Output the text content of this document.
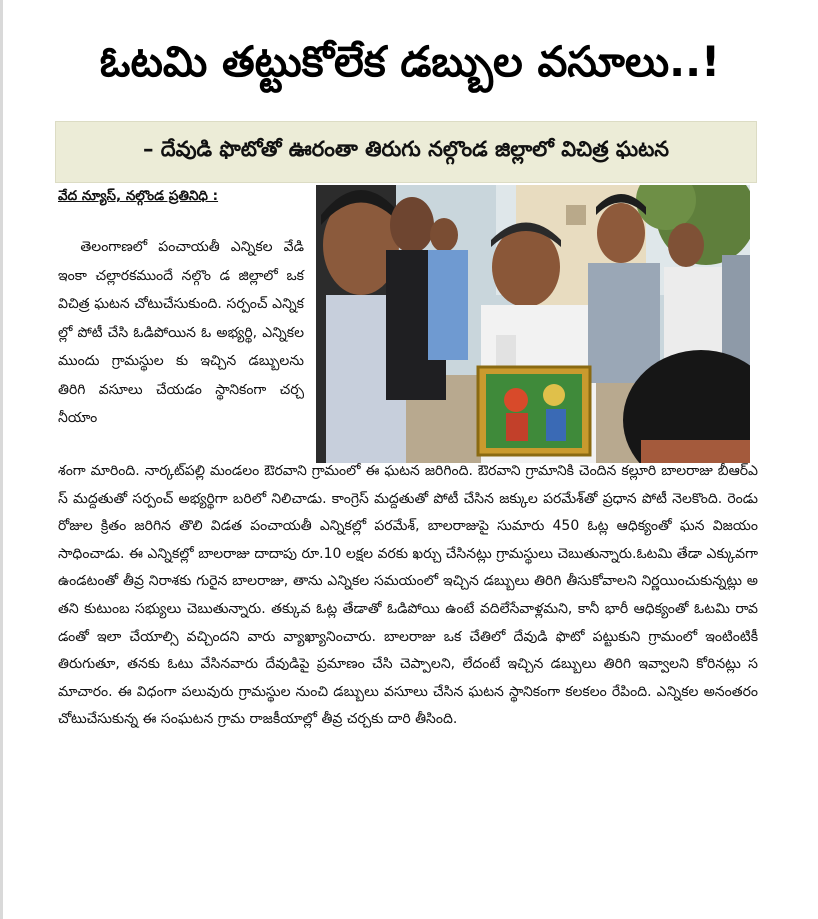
ఓటమి తట్టుకోలేక డబ్బుల వసూలు..!
– దేవుడి ఫొటోతో ఊరంతా తిరుగు నల్గొండ జిల్లాలో విచిత్ర ఘటన
వేద న్యూస్, నల్గొండ ప్రతినిధి :

తెలంగాణలో పంచాయతీ ఎన్నికల వేడి ఇంకా చల్లారకముందే నల్గొం డ జిల్లాలో ఒక విచిత్ర ఘటన చోటుచేసుకుంది. సర్పంచ్ ఎన్నికల్లో పోటీ చేసి ఓడిపోయిన ఓ అభ్యర్థి, ఎన్నికల ముందు గ్రామస్థుల కు ఇచ్చిన డబ్బులను తిరిగి వసూలు చేయడం స్థానికంగా చర్చనీయాం

శంగా మారింది. నార్కట్‌పల్లి మండలం ఔరవాని గ్రామంలో ఈ ఘటన జరిగింది. ఔరవాని గ్రామానికి చెందిన కల్లూరి బాలరాజు బీఆర్ఎస్ మద్దతుతో సర్పంచ్ అభ్యర్థిగా బరిలో నిలిచాడు. కాంగ్రెస్ మద్దతుతో పోటీ చేసిన జక్కుల పరమేశ్‌తో ప్రధాన పోటీ నెలకొంది. రెండు రోజుల క్రితం జరిగిన తొలి విడత పంచాయతీ ఎన్నికల్లో పరమేశ్, బాలరాజుపై సుమారు 450 ఓట్ల ఆధిక్యంతో ఘన విజయం సాధించాడు. ఈ ఎన్నికల్లో బాలరాజు దాదాపు రూ.10 లక్షల వరకు ఖర్చు చేసినట్లు గ్రామస్థులు చెబుతున్నారు.ఓటమి తేడా ఎక్కువగా ఉండటంతో తీవ్ర నిరాశకు గురైన బాలరాజు, తాను ఎన్నికల సమయంలో ఇచ్చిన డబ్బులు తిరిగి తీసుకోవాలని నిర్ణయించుకున్నట్లు అతని కుటుంబ సభ్యులు చెబుతున్నారు. తక్కువ ఓట్ల తేడాతో ఓడిపోయి ఉంటే వదిలేసేవాళ్లమని, కానీ భారీ ఆధిక్యంతో ఓటమి రావడంతో ఇలా చేయాల్సి వచ్చిందని వారు వ్యాఖ్యానించారు. బాలరాజు ఒక చేతిలో దేవుడి ఫొటో పట్టుకుని గ్రామంలో ఇంటింటికీ తిరుగుతూ, తనకు ఓటు వేసినవారు దేవుడిపై ప్రమాణం చేసి చెప్పాలని, లేదంటే ఇచ్చిన డబ్బులు తిరిగి ఇవ్వాలని కోరినట్లు సమాచారం. ఈ విధంగా పలువురు గ్రామస్థుల నుంచి డబ్బులు వసూలు చేసిన ఘటన స్థానికంగా కలకలం రేపింది. ఎన్నికల అనంతరం చోటుచేసుకున్న ఈ సంఘటన గ్రామ రాజకీయాల్లో తీవ్ర చర్చకు దారి తీసింది.
